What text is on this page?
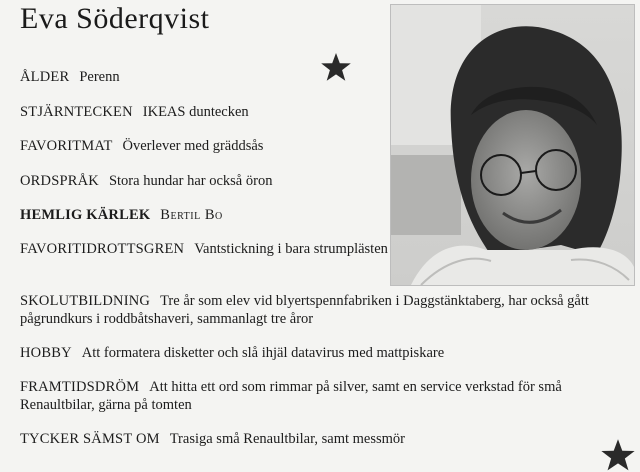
Eva Söderqvist
ÅLDER Perenn
STJÄRNTECKEN IKEAS duntecken
FAVORITMAT Överlever med gräddsås
ORDSPRÅK Stora hundar har också öron
HEMLIG KÄRLEK Bertil Bo
FAVORITIDROTTSGREN Vantstickning i bara strumplästen
SKOLUTBILDNING Tre år som elev vid blyertspennfabriken i Daggstänktaberg, har också gått pågrundkurs i roddbåtshaveri, sammanlagt tre åror
HOBBY Att formatera disketter och slå ihjäl datavirus med mattpiskare
FRAMTIDSDRÖM Att hitta ett ord som rimmar på silver, samt en service verkstad för små Renaultbilar, gärna på tomten
TYCKER SÄMST OM Trasiga små Renaultbilar, samt messmör
